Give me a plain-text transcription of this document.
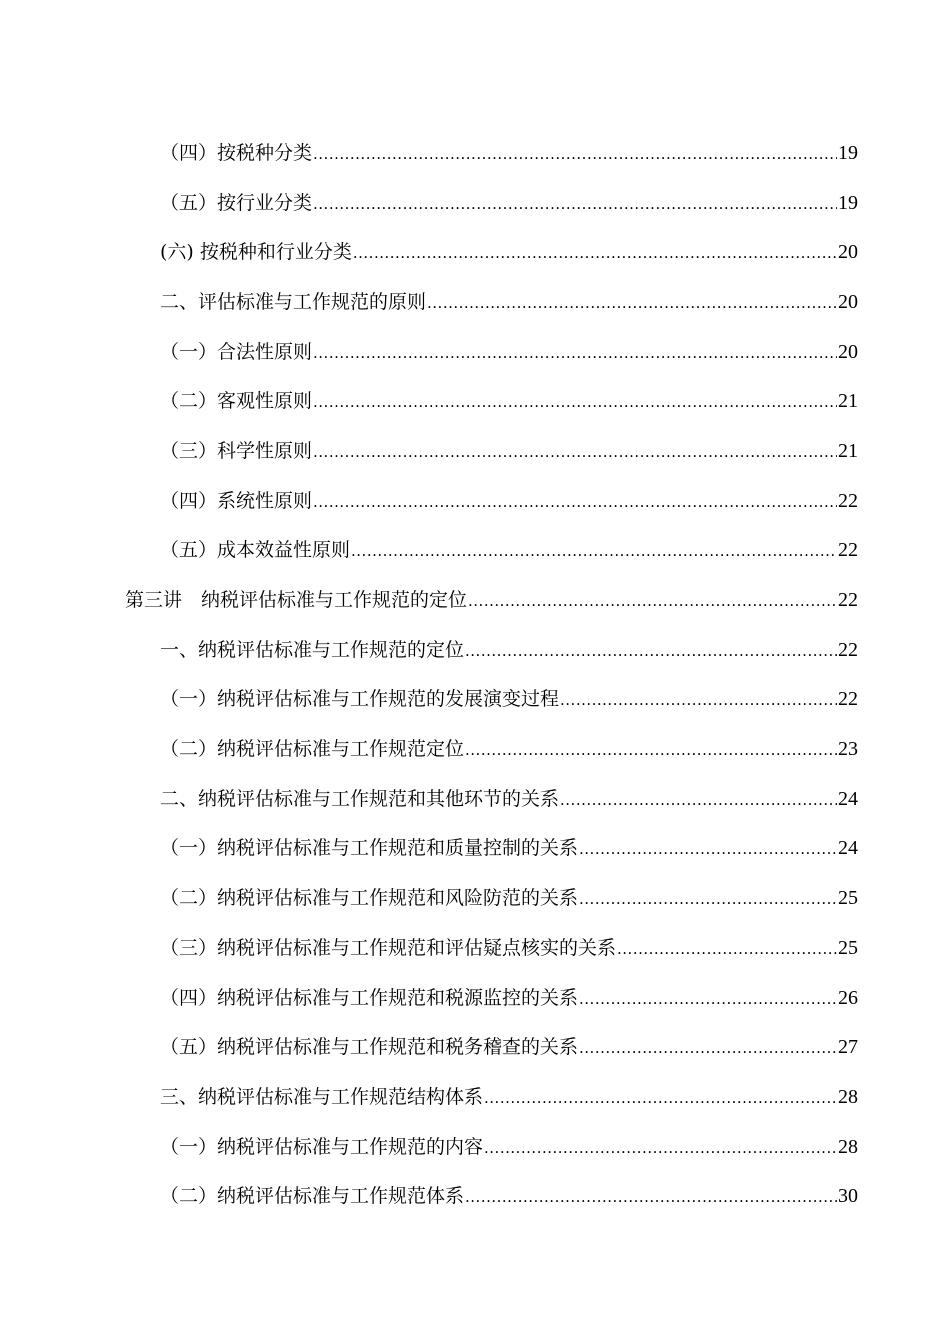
（四）按税种分类 .....	19
（五）按行业分类 .....	19
(六) 按税种和行业分类 .....	20
二、评估标准与工作规范的原则 .....	20
（一）合法性原则 .....	20
（二）客观性原则 .....	21
（三）科学性原则 .....	21
（四）系统性原则 .....	22
（五）成本效益性原则 .....	22
第三讲　纳税评估标准与工作规范的定位 .....	22
一、纳税评估标准与工作规范的定位 .....	22
（一）纳税评估标准与工作规范的发展演变过程 .....	22
（二）纳税评估标准与工作规范定位 .....	23
二、纳税评估标准与工作规范和其他环节的关系 .....	24
（一）纳税评估标准与工作规范和质量控制的关系 .....	24
（二）纳税评估标准与工作规范和风险防范的关系 .....	25
（三）纳税评估标准与工作规范和评估疑点核实的关系 .....	25
（四）纳税评估标准与工作规范和税源监控的关系 .....	26
（五）纳税评估标准与工作规范和税务稽查的关系 .....	27
三、纳税评估标准与工作规范结构体系 .....	28
（一）纳税评估标准与工作规范的内容 .....	28
（二）纳税评估标准与工作规范体系 .....	30
